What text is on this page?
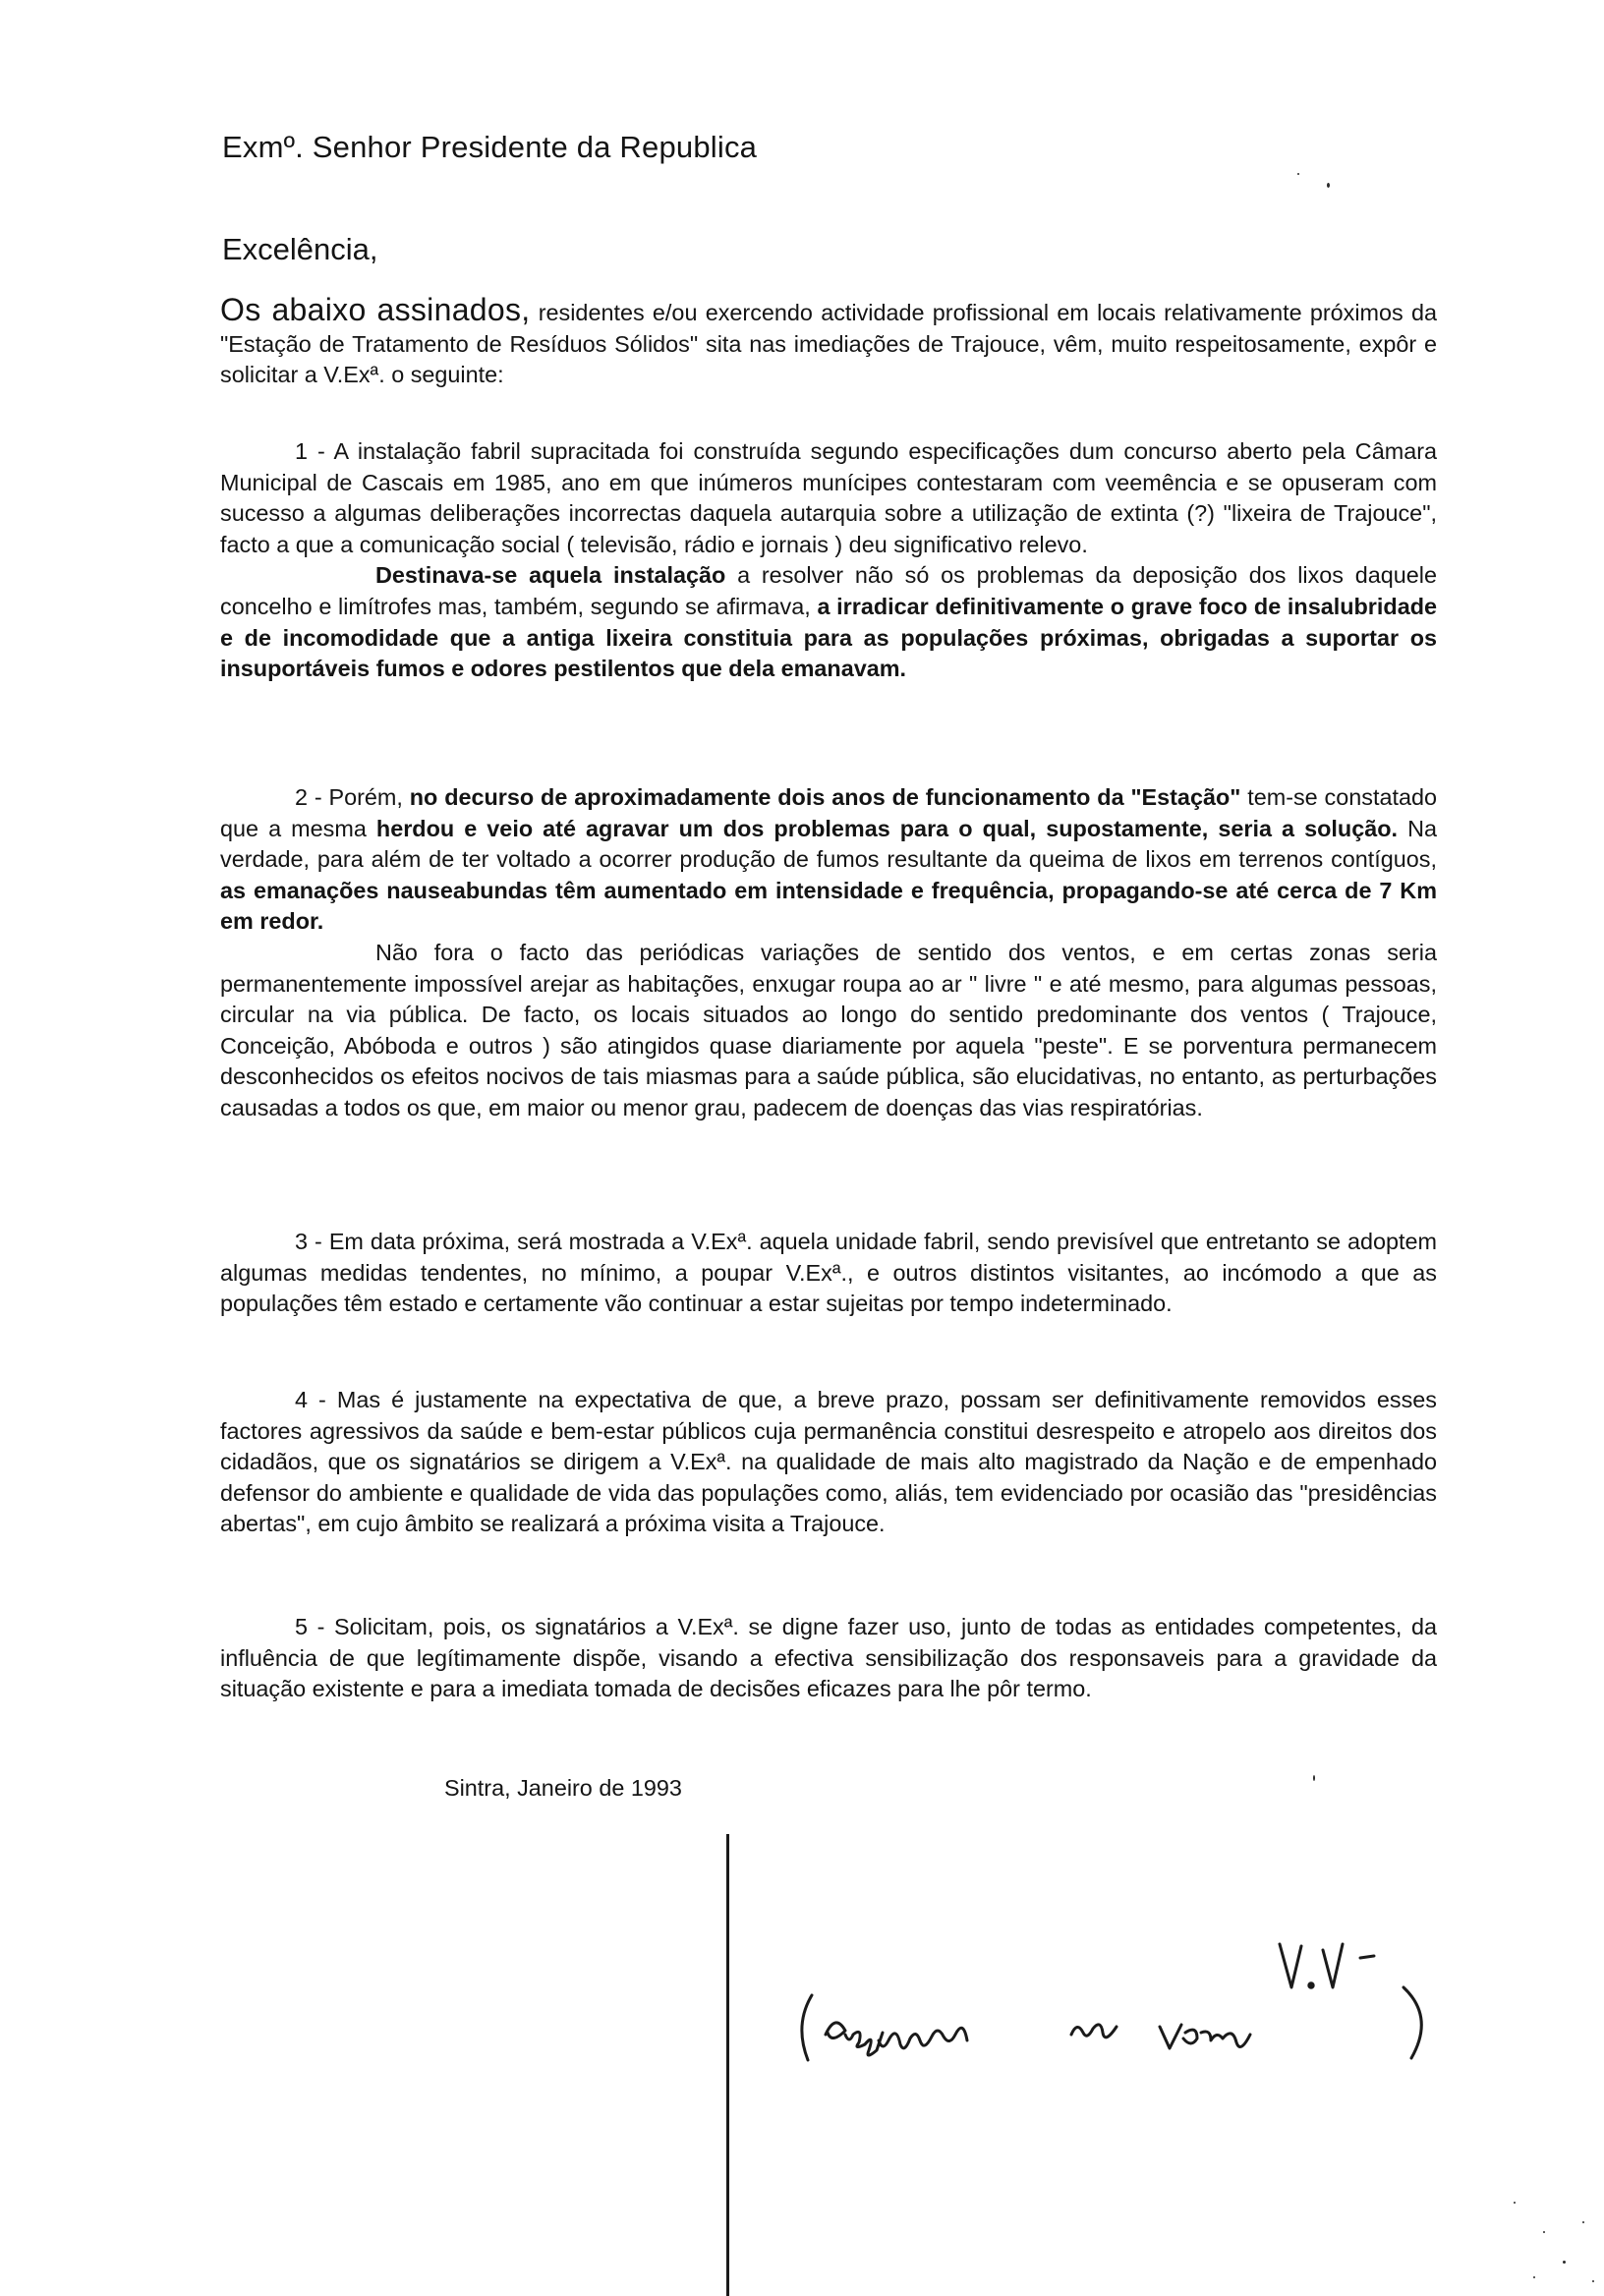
Exmº. Senhor Presidente da Republica
Excelência,

Os abaixo assinados, residentes e/ou exercendo actividade profissional em locais relativamente próximos da "Estação de Tratamento de Resíduos Sólidos" sita nas imediações de Trajouce, vêm, muito respeitosamente, expôr e solicitar a V.Exª. o seguinte:

1 - A instalação fabril supracitada foi construída segundo especificações dum concurso aberto pela Câmara Municipal de Cascais em 1985, ano em que inúmeros munícipes contestaram com veemência e se opuseram com sucesso a algumas deliberações incorrectas daquela autarquia sobre a utilização de extinta (?) "lixeira de Trajouce", facto a que a comunicação social ( televisão, rádio e jornais ) deu significativo relevo.

Destinava-se aquela instalação a resolver não só os problemas da deposição dos lixos daquele concelho e limítrofes mas, também, segundo se afirmava, a irradicar definitivamente o grave foco de insalubridade e de incomodidade que a antiga lixeira constituia para as populações próximas, obrigadas a suportar os insuportáveis fumos e odores pestilentos que dela emanavam.

2 - Porém, no decurso de aproximadamente dois anos de funcionamento da "Estação" tem-se constatado que a mesma herdou e veio até agravar um dos problemas para o qual, supostamente, seria a solução. Na verdade, para além de ter voltado a ocorrer produção de fumos resultante da queima de lixos em terrenos contíguos, as emanações nauseabundas têm aumentado em intensidade e frequência, propagando-se até cerca de 7 Km em redor.

Não fora o facto das periódicas variações de sentido dos ventos, e em certas zonas seria permanentemente impossível arejar as habitações, enxugar roupa ao ar " livre " e até mesmo, para algumas pessoas, circular na via pública. De facto, os locais situados ao longo do sentido predominante dos ventos ( Trajouce, Conceição, Abóboda e outros ) são atingidos quase diariamente por aquela "peste". E se porventura permanecem desconhecidos os efeitos nocivos de tais miasmas para a saúde pública, são elucidativas, no entanto, as perturbações causadas a todos os que, em maior ou menor grau, padecem de doenças das vias respiratórias.

3 - Em data próxima, será mostrada a V.Exª. aquela unidade fabril, sendo previsível que entretanto se adoptem algumas medidas tendentes, no mínimo, a poupar V.Exª., e outros distintos visitantes, ao incómodo a que as populações têm estado e certamente vão continuar a estar sujeitas por tempo indeterminado.

4 - Mas é justamente na expectativa de que, a breve prazo, possam ser definitivamente removidos esses factores agressivos da saúde e bem-estar públicos cuja permanência constitui desrespeito e atropelo aos direitos dos cidadãos, que os signatários se dirigem a V.Exª. na qualidade de mais alto magistrado da Nação e de empenhado defensor do ambiente e qualidade de vida das populações como, aliás, tem evidenciado por ocasião das "presidências abertas", em cujo âmbito se realizará a próxima visita a Trajouce.

5 - Solicitam, pois, os signatários a V.Exª. se digne fazer uso, junto de todas as entidades competentes, da influência de que legítimamente dispõe, visando a efectiva sensibilização dos responsaveis para a gravidade da situação existente e para a imediata tomada de decisões eficazes para lhe pôr termo.

Sintra, Janeiro de 1993
